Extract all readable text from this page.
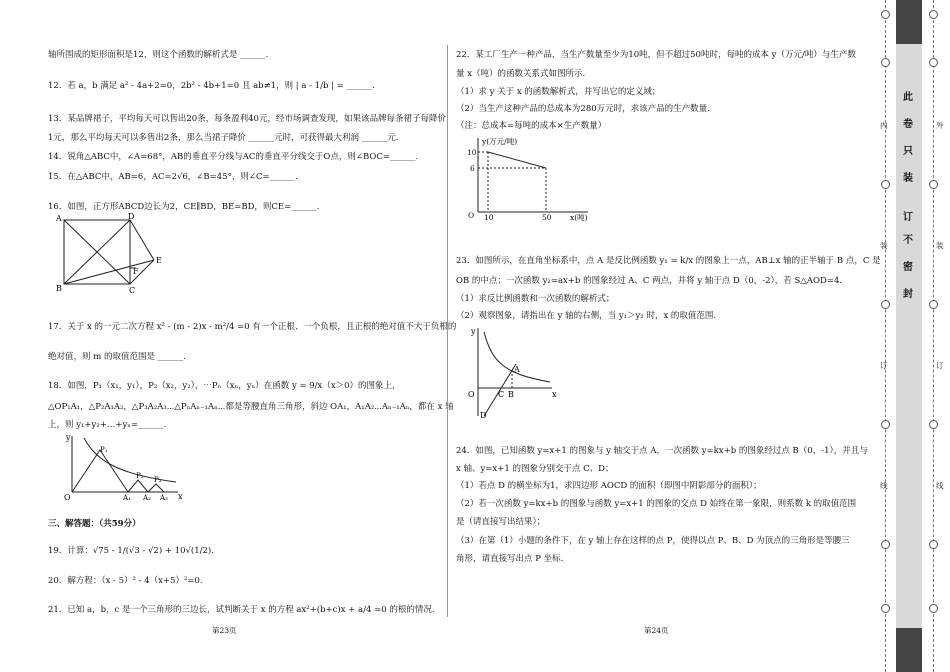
轴所围成的矩形面积是12，则这个函数的解析式是 ______.

12．若 a，b 满足 a² - 4a+2=0，2b² - 4b+1=0 且 ab≠1，则 | a - 1/b | = ______.

13．某品牌裙子，平均每天可以售出20条，每条盈利40元，经市场调查发现，如果该品牌每条裙子每降价

1元，那么平均每天可以多售出2条，那么当裙子降价 ______元时，可获得最大利润 ______元.

14．锐角△ABC中，∠A=68°，AB的垂直平分线与AC的垂直平分线交于O点，则∠BOC=______.

15．在△ABC中，AB=6，AC=2√6，∠B=45°，则∠C=______.

16．如图，正方形ABCD边长为2，CE∥BD，BE=BD，则CE=______.

A	D
B	C
E
F

17．关于 x 的一元二次方程 x² - (m - 2)x - m²/4 =0 有一个正根、一个负根，且正根的绝对值不大于负根的

绝对值，则 m 的取值范围是 ______.

18．如图，P₁（x₁，y₁），P₂（x₂，y₂），⋯Pₙ（xₙ，yₙ）在函数 y = 9/x（x＞0）的图象上，

△OP₁A₁，△P₂A₁A₂，△P₃A₂A₃⋯△PₙAₙ₋₁Aₙ⋯都是等腰直角三角形，斜边 OA₁，A₁A₂⋯Aₙ₋₁Aₙ，都在 x 轴

上，则 y₁+y₂+…+yₙ=______.

y
x
O
P₁
P₂ P₃
A₁ A₂ A₃

三、解答题：（共59分）

19．计算：√75 - 1/(√3 - √2) + 10√(1/2).

20．解方程：（x - 5）² - 4（x+5）²=0.

21．已知 a，b，c 是一个三角形的三边长，试判断关于 x 的方程 ax²+(b+c)x + a/4 =0 的根的情况.

第23页

22．某工厂生产一种产品，当生产数量至少为10吨，但不超过50吨时，每吨的成本 y（万元/吨）与生产数

量 x（吨）的函数关系式如图所示.

（1）求 y 关于 x 的函数解析式，并写出它的定义域；

（2）当生产这种产品的总成本为280万元时，求该产品的生产数量.

（注：总成本=每吨的成本×生产数量）

y(万元/吨)
x(吨)
10
6
10	50
O

23．如图所示，在直角坐标系中，点 A 是反比例函数 y₁ = k/x 的图象上一点，AB⊥x 轴的正半轴于 B 点，C 是

OB 的中点；一次函数 y₂=ax+b 的图象经过 A、C 两点，并将 y 轴于点 D（0，-2），若 S△AOD=4.

（1）求反比例函数和一次函数的解析式；

（2）观察图象，请指出在 y 轴的右侧，当 y₁＞y₂ 时，x 的取值范围.

y
x
O
A
B
C
D

24．如图，已知函数 y=x+1 的图象与 y 轴交于点 A，一次函数 y=kx+b 的图象经过点 B（0，-1），并且与

x 轴、y=x+1 的图象分别交于点 C、D；

（1）若点 D 的横坐标为1，求四边形 AOCD 的面积（即图中阴影部分的面积）；

（2）若一次函数 y=kx+b 的图象与函数 y=x+1 的图象的交点 D 始终在第一象限，则系数 k 的取值范围

是（请直接写出结果）；

（3）在第（1）小题的条件下，在 y 轴上存在这样的点 P，使得以点 P、B、D 为顶点的三角形是等腰三

角形，请直接写出点 P 坐标.

第24页
内
装
订
线
外
装
订
线
此
卷
只
装
订
不
密
封
